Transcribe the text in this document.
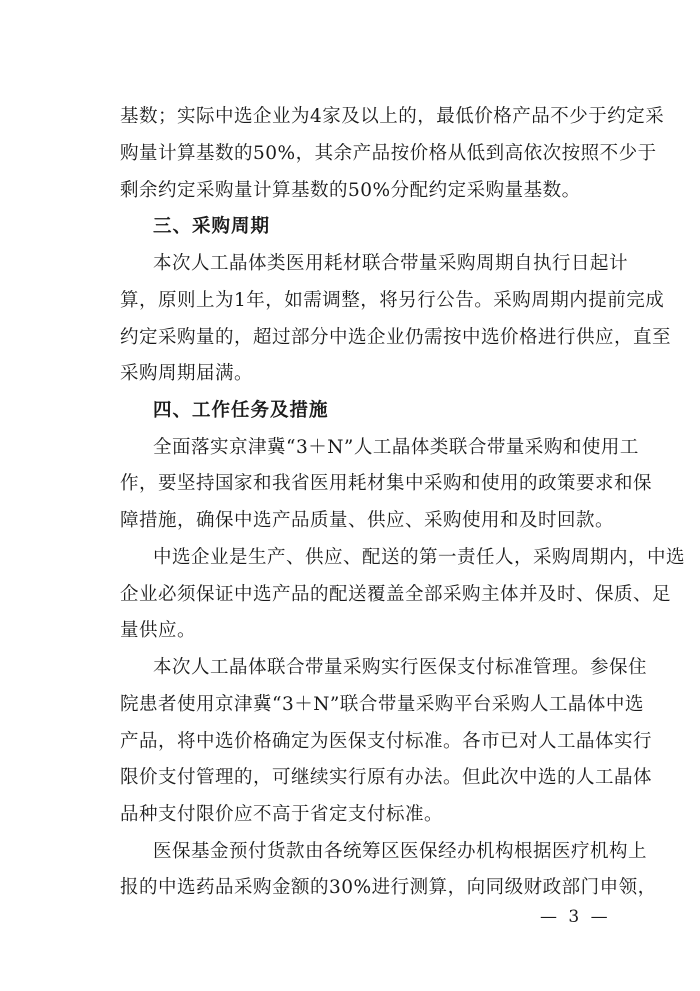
基数；实际中选企业为4家及以上的，最低价格产品不少于约定采
购量计算基数的50%，其余产品按价格从低到高依次按照不少于
剩余约定采购量计算基数的50%分配约定采购量基数。
三、采购周期
本次人工晶体类医用耗材联合带量采购周期自执行日起计
算，原则上为1年，如需调整，将另行公告。采购周期内提前完成
约定采购量的，超过部分中选企业仍需按中选价格进行供应，直至
采购周期届满。
四、工作任务及措施
全面落实京津冀“3＋N”人工晶体类联合带量采购和使用工
作，要坚持国家和我省医用耗材集中采购和使用的政策要求和保
障措施，确保中选产品质量、供应、采购使用和及时回款。
中选企业是生产、供应、配送的第一责任人，采购周期内，中选
企业必须保证中选产品的配送覆盖全部采购主体并及时、保质、足
量供应。
本次人工晶体联合带量采购实行医保支付标准管理。参保住
院患者使用京津冀“3＋N”联合带量采购平台采购人工晶体中选
产品，将中选价格确定为医保支付标准。各市已对人工晶体实行
限价支付管理的，可继续实行原有办法。但此次中选的人工晶体
品种支付限价应不高于省定支付标准。
医保基金预付货款由各统筹区医保经办机构根据医疗机构上
报的中选药品采购金额的30%进行测算，向同级财政部门申领，
— 3 —
